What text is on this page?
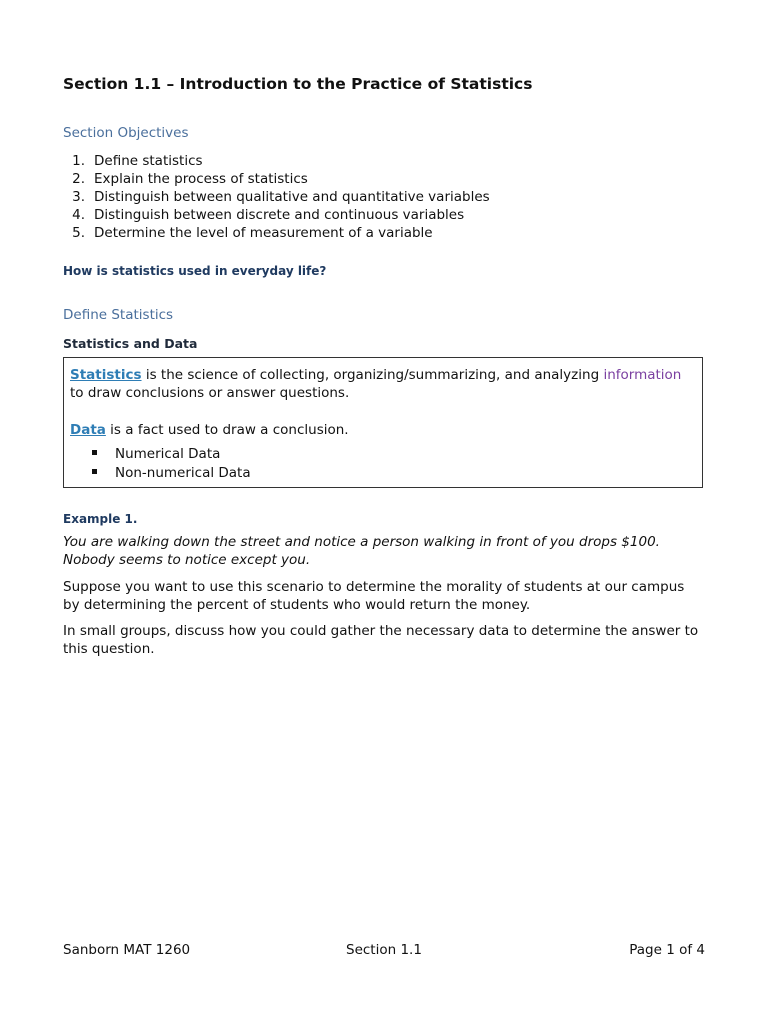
Section 1.1 – Introduction to the Practice of Statistics
Section Objectives
1. Define statistics
2. Explain the process of statistics
3. Distinguish between qualitative and quantitative variables
4. Distinguish between discrete and continuous variables
5. Determine the level of measurement of a variable
How is statistics used in everyday life?
Define Statistics
Statistics and Data
Statistics is the science of collecting, organizing/summarizing, and analyzing information to draw conclusions or answer questions.
Data is a fact used to draw a conclusion.
Numerical Data
Non-numerical Data
Example 1.
You are walking down the street and notice a person walking in front of you drops $100. Nobody seems to notice except you.
Suppose you want to use this scenario to determine the morality of students at our campus by determining the percent of students who would return the money.
In small groups, discuss how you could gather the necessary data to determine the answer to this question.
Sanborn MAT 1260	Section 1.1	Page 1 of 4
